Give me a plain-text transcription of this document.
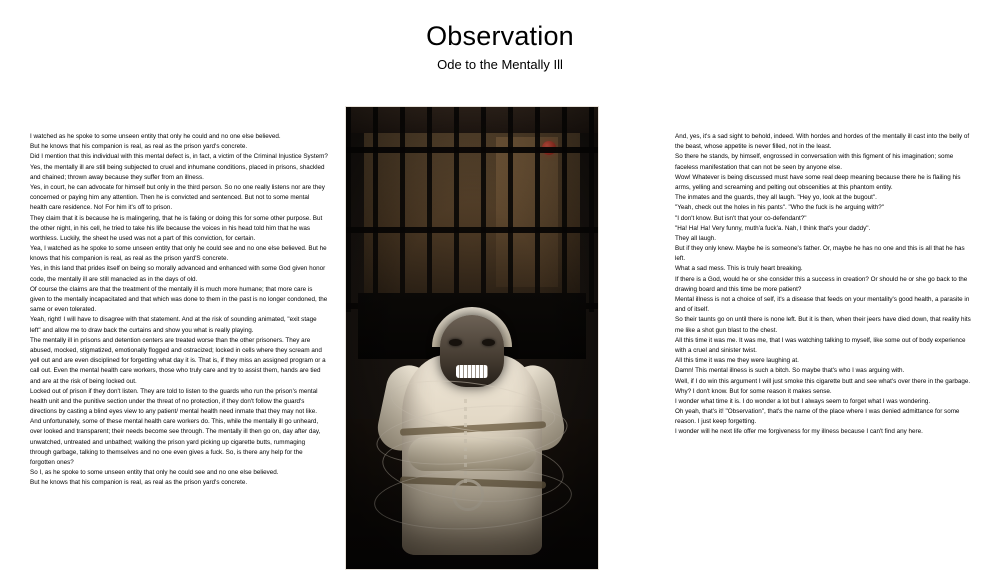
Observation
Ode to the Mentally Ill

I watched as he spoke to some unseen entity that only he could and no one else believed.

But he knows that his companion is real, as real as the prison yard's concrete.

Did I mention that this individual with this mental defect is, in fact, a victim of the Criminal Injustice System?

Yes, the mentally ill are still being subjected to cruel and inhumane conditions, placed in prisons, shackled and chained; thrown away because they suffer from an illness.

Yes, in court, he can advocate for himself but only in the third person. So no one really listens nor are they concerned or paying him any attention. Then he is convicted and sentenced. But not to some mental health care residence. No! For him it's off to prison.

They claim that it is because he is malingering, that he is faking or doing this for some other purpose. But the other night, in his cell, he tried to take his life because the voices in his head told him that he was worthless. Luckily, the sheet he used was not a part of this conviction, for certain.

Yea, I watched as he spoke to some unseen entity that only he could see and no one else believed. But he knows that his companion is real, as real as the prison yard'S concrete.

Yes, in this land that prides itself on being so morally advanced and enhanced with some God given honor code, the mentally ill are still manacled as in the days of old.

Of course the claims are that the treatment of the mentally ill is much more humane; that more care is given to the mentally incapacitated and that which was done to them in the past is no longer condoned, the same or even tolerated.

Yeah, right! I will have to disagree with that statement. And at the risk of sounding animated, "exit stage left" and allow me to draw back the curtains and show you what is really playing.

The mentally ill in prisons and detention centers are treated worse than the other prisoners. They are abused, mocked, stigmatized, emotionally flogged and ostracized; locked in cells where they scream and yell out and are even disciplined for forgetting what day it is. That is, if they miss an assigned program or a call out. Even the mental health care workers, those who truly care and try to assist them, hands are tied and are at the risk of being locked out.

Locked out of prison if they don't listen. They are told to listen to the guards who run the prison's mental health unit and the punitive section under the threat of no protection, if they don't follow the guard's directions by casting a blind eyes view to any patient/ mental health need inmate that they may not like. And unfortunately, some of these mental health care workers do. This, while the mentally ill go unheard, over looked and transparent; their needs become see through. The mentally ill then go on, day after day, unwatched, untreated and unbathed; walking the prison yard picking up cigarette butts, rummaging through garbage, talking to themselves and no one even gives a fuck. So, is there any help for the forgotten ones?

So I, as he spoke to some unseen entity that only he could see and no one else believed.

But he knows that his companion is real, as real as the prison yard's concrete.

And, yes, it's a sad sight to behold, indeed. With hordes and hordes of the mentally ill cast into the belly of the beast, whose appetite is never filled, not in the least.

So there he stands, by himself, engrossed in conversation with this figment of his imagination; some faceless manifestation that can not be seen by anyone else.

Wow! Whatever is being discussed must have some real deep meaning because there he is flailing his arms, yelling and screaming and pelting out obscenities at this phantom entity.

The inmates and the guards, they all laugh. "Hey yo, look at the bugout".

"Yeah, check out the holes in his pants". "Who the fuck is he arguing with?"

"I don't know. But isn't that your co-defendant?"

"Ha! Ha! Ha! Very funny, muth'a fuck'a. Nah, I think that's your daddy".

They all laugh.

But if they only knew. Maybe he is someone's father. Or, maybe he has no one and this is all that he has left.

What a sad mess. This is truly heart breaking.

If there is a God, would he or she consider this a success in creation? Or should he or she go back to the drawing board and this time be more patient?

Mental illness is not a choice of self, it's a disease that feeds on your mentality's good health, a parasite in and of itself.

So their taunts go on until there is none left. But it is then, when their jeers have died down, that reality hits me like a shot gun blast to the chest.

All this time it was me. It was me, that I was watching talking to myself, like some out of body experience with a cruel and sinister twist.

All this time it was me they were laughing at.

Damn! This mental illness is such a bitch. So maybe that's who I was arguing with.

Well, if I do win this argument I will just smoke this cigarette butt and see what's over there in the garbage.

Why? I don't know. But for some reason it makes sense.

I wonder what time it is. I do wonder a lot but I always seem to forget what I was wondering.

Oh yeah, that's it! "Observation", that's the name of the place where I was denied admittance for some reason. I just keep forgetting.

I wonder will he next life offer me forgiveness for my illness because I can't find any here.
